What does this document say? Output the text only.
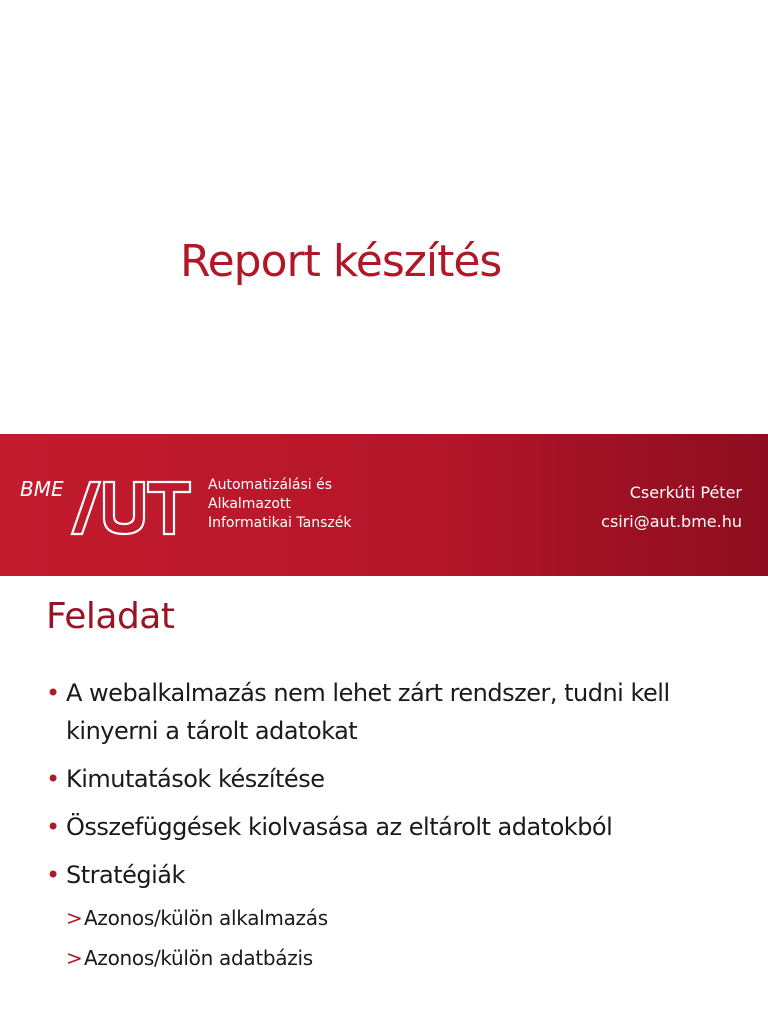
Report készítés
BME	Automatizálási és
Alkalmazott
Informatikai Tanszék
Cserkúti Péter
csiri@aut.bme.hu
Feladat
• A webalkalmazás nem lehet zárt rendszer, tudni kell kinyerni a tárolt adatokat
• Kimutatások készítése
• Összefüggések kiolvasása az eltárolt adatokból
• Stratégiák
> Azonos/külön alkalmazás
> Azonos/külön adatbázis
